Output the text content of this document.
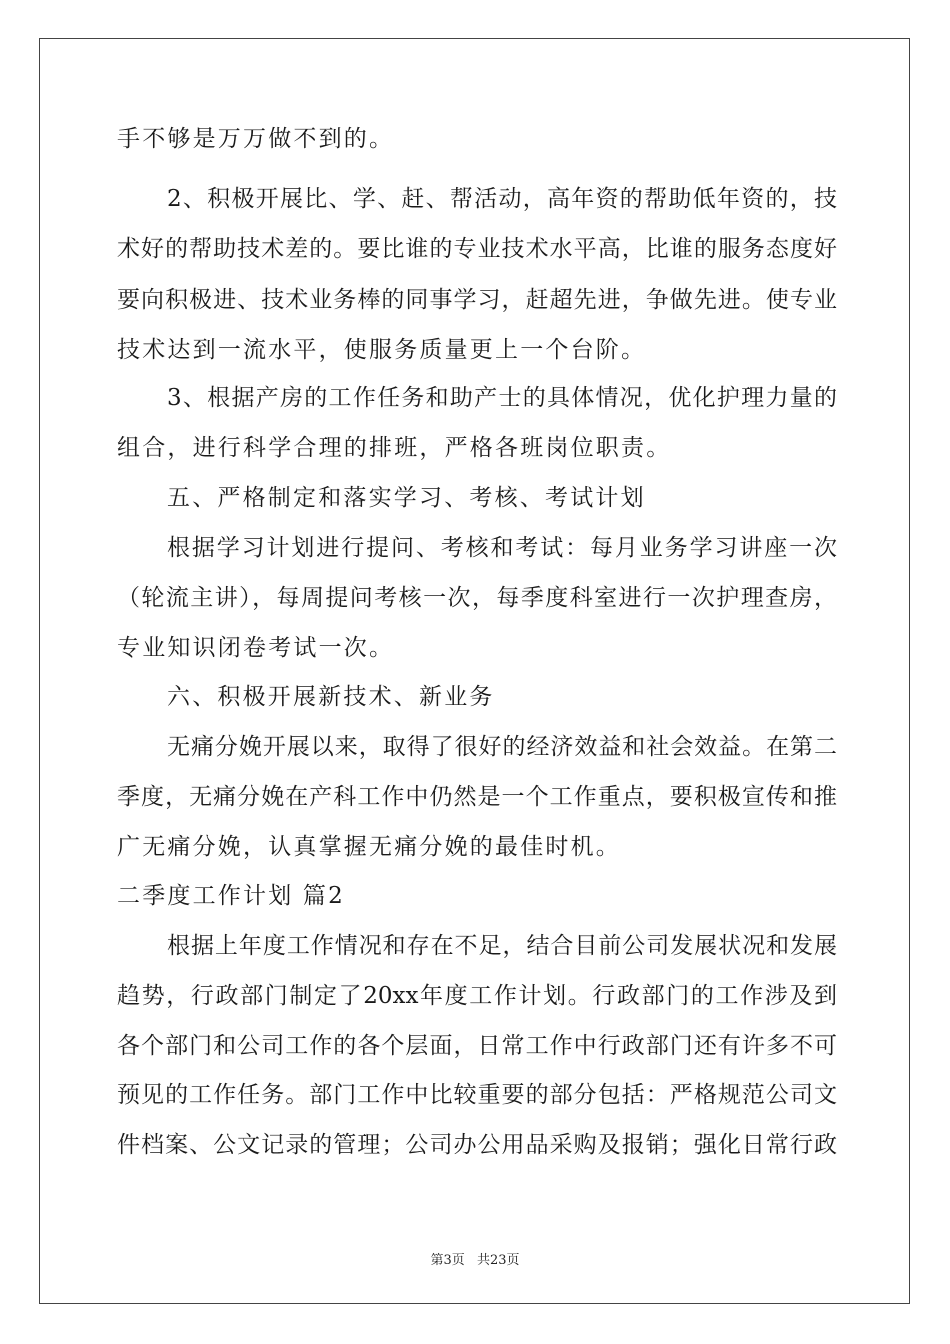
手不够是万万做不到的。
2、积极开展比、学、赶、帮活动，高年资的帮助低年资的，技
术好的帮助技术差的。要比谁的专业技术水平高，比谁的服务态度好
要向积极进、技术业务棒的同事学习，赶超先进，争做先进。使专业
技术达到一流水平，使服务质量更上一个台阶。
3、根据产房的工作任务和助产士的具体情况，优化护理力量的
组合，进行科学合理的排班，严格各班岗位职责。
五、严格制定和落实学习、考核、考试计划
根据学习计划进行提问、考核和考试：每月业务学习讲座一次
（轮流主讲），每周提问考核一次，每季度科室进行一次护理查房，
专业知识闭卷考试一次。
六、积极开展新技术、新业务
无痛分娩开展以来，取得了很好的经济效益和社会效益。在第二
季度，无痛分娩在产科工作中仍然是一个工作重点，要积极宣传和推
广无痛分娩，认真掌握无痛分娩的最佳时机。
二季度工作计划 篇2
根据上年度工作情况和存在不足，结合目前公司发展状况和发展
趋势，行政部门制定了20xx年度工作计划。行政部门的工作涉及到
各个部门和公司工作的各个层面，日常工作中行政部门还有许多不可
预见的工作任务。部门工作中比较重要的部分包括：严格规范公司文
件档案、公文记录的管理；公司办公用品采购及报销；强化日常行政
第3页 共23页
